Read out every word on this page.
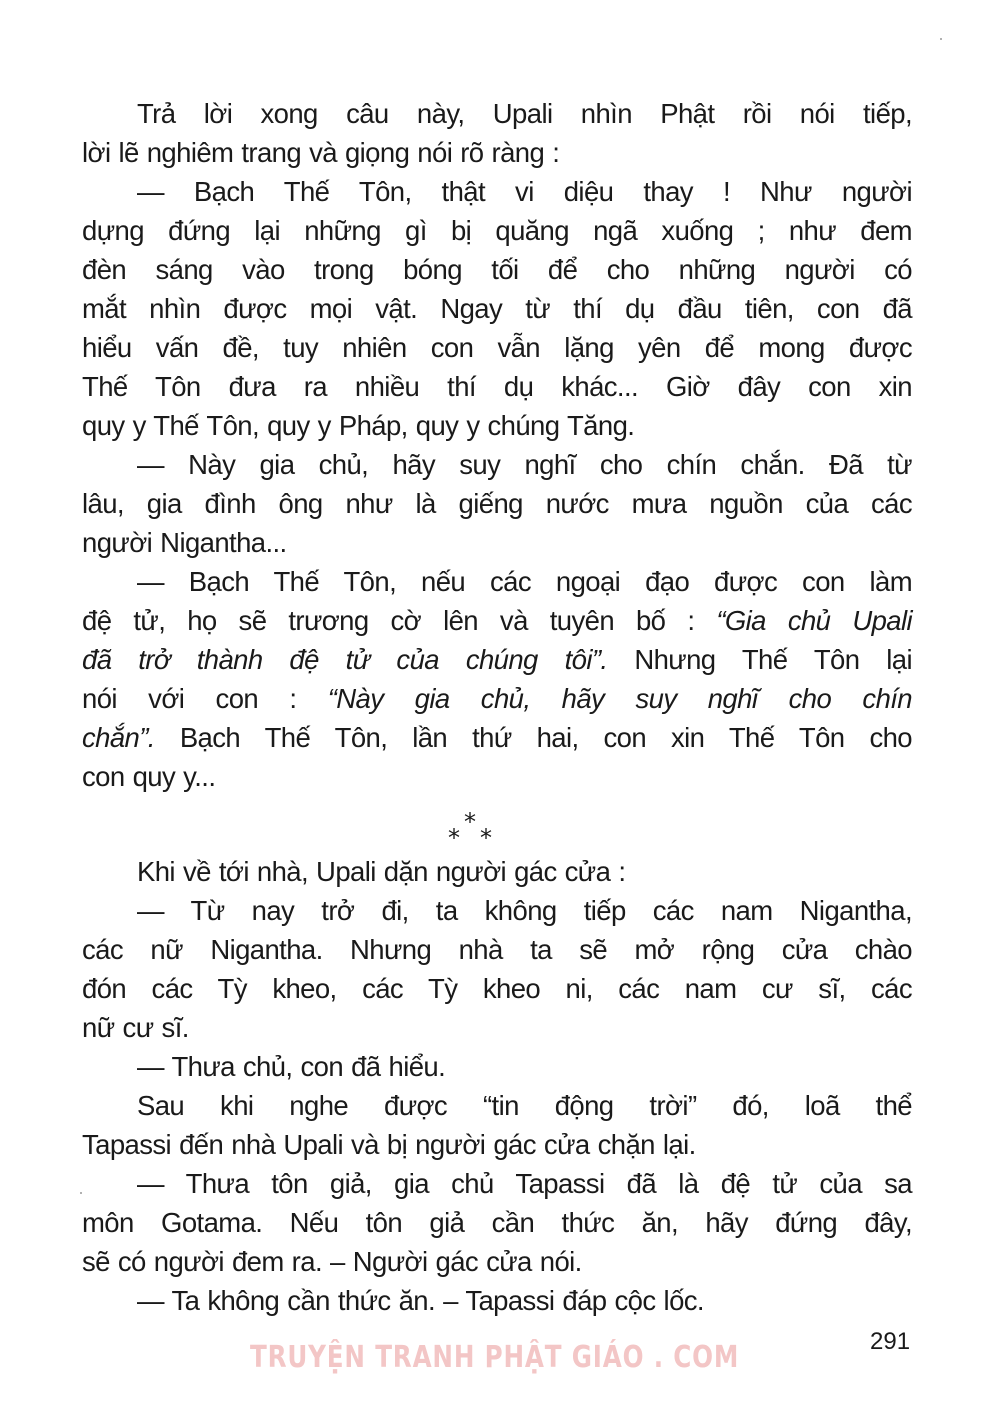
Trả lời xong câu này, Upali nhìn Phật rồi nói tiếp,
lời lẽ nghiêm trang và giọng nói rõ ràng :
— Bạch Thế Tôn, thật vi diệu thay ! Như người
dựng đứng lại những gì bị quăng ngã xuống ; như đem
đèn sáng vào trong bóng tối để cho những người có
mắt nhìn được mọi vật. Ngay từ thí dụ đầu tiên, con đã
hiểu vấn đề, tuy nhiên con vẫn lặng yên để mong được
Thế Tôn đưa ra nhiều thí dụ khác... Giờ đây con xin
quy y Thế Tôn, quy y Pháp, quy y chúng Tăng.
— Này gia chủ, hãy suy nghĩ cho chín chắn. Đã từ
lâu, gia đình ông như là giếng nước mưa nguồn của các
người Nigantha...
— Bạch Thế Tôn, nếu các ngoại đạo được con làm
đệ tử, họ sẽ trương cờ lên và tuyên bố : “Gia chủ Upali
đã trở thành đệ tử của chúng tôi”. Nhưng Thế Tôn lại
nói với con : “Này gia chủ, hãy suy nghĩ cho chín
chắn”. Bạch Thế Tôn, lần thứ hai, con xin Thế Tôn cho
con quy y...
*
* *
Khi về tới nhà, Upali dặn người gác cửa :
— Từ nay trở đi, ta không tiếp các nam Nigantha,
các nữ Nigantha. Nhưng nhà ta sẽ mở rộng cửa chào
đón các Tỳ kheo, các Tỳ kheo ni, các nam cư sĩ, các
nữ cư sĩ.
— Thưa chủ, con đã hiểu.
Sau khi nghe được “tin động trời” đó, loã thể
Tapassi đến nhà Upali và bị người gác cửa chặn lại.
— Thưa tôn giả, gia chủ Tapassi đã là đệ tử của sa
môn Gotama. Nếu tôn giả cần thức ăn, hãy đứng đây,
sẽ có người đem ra. – Người gác cửa nói.
— Ta không cần thức ăn. – Tapassi đáp cộc lốc.
291
TRUYỆN TRANH PHẬT GIÁO . COM
